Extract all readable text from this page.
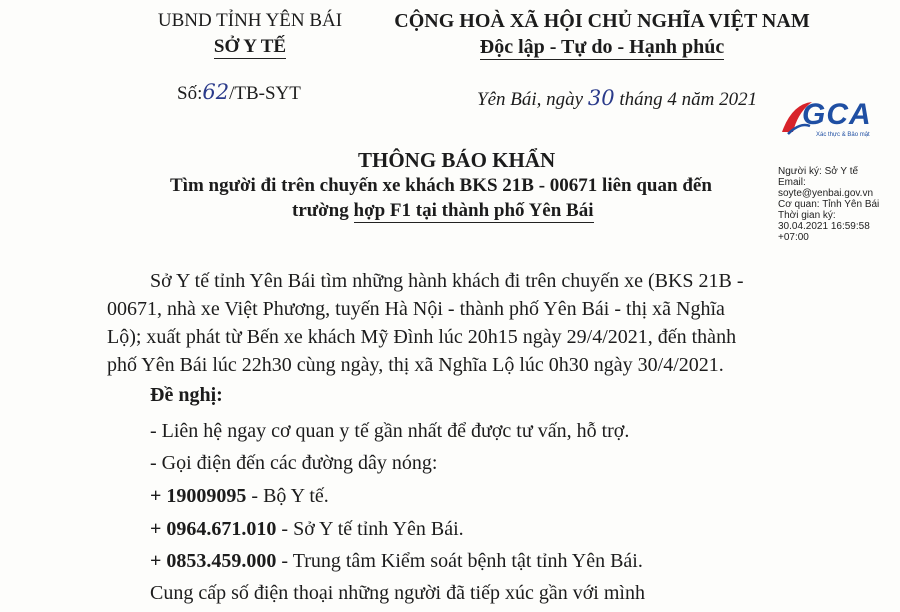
UBND TỈNH YÊN BÁI
SỞ Y TẾ
Số:62/TB-SYT
CỘNG HOÀ XÃ HỘI CHỦ NGHĨA VIỆT NAM
Độc lập - Tự do - Hạnh phúc
Yên Bái, ngày 30 tháng 4 năm 2021 GCA
Xác thực & Bảo mật
Người ký: Sở Y tế
Email:
soyte@yenbai.gov.vn
Cơ quan: Tỉnh Yên Bái
Thời gian ký:
30.04.2021 16:59:58
+07:00
THÔNG BÁO KHẨN
Tìm người đi trên chuyến xe khách BKS 21B - 00671 liên quan đến
trường hợp F1 tại thành phố Yên Bái
Sở Y tế tỉnh Yên Bái tìm những hành khách đi trên chuyến xe (BKS 21B -
00671, nhà xe Việt Phương, tuyến Hà Nội - thành phố Yên Bái - thị xã Nghĩa
Lộ); xuất phát từ Bến xe khách Mỹ Đình lúc 20h15 ngày 29/4/2021, đến thành
phố Yên Bái lúc 22h30 cùng ngày, thị xã Nghĩa Lộ lúc 0h30 ngày 30/4/2021.
Đề nghị:
- Liên hệ ngay cơ quan y tế gần nhất để được tư vấn, hỗ trợ.
- Gọi điện đến các đường dây nóng:
+ 19009095 - Bộ Y tế.
+ 0964.671.010 - Sở Y tế tỉnh Yên Bái.
+ 0853.459.000 - Trung tâm Kiểm soát bệnh tật tỉnh Yên Bái.
Cung cấp số điện thoại những người đã tiếp xúc gần với mình
